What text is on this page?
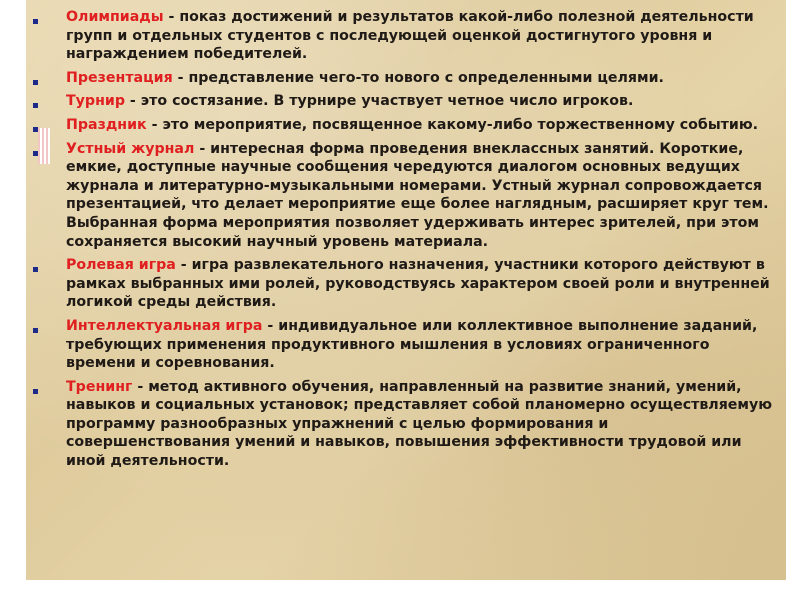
Олимпиады - показ достижений и результатов какой-либо полезной деятельности групп и отдельных студентов с последующей оценкой достигнутого уровня и награждением победителей.
Презентация - представление чего-то нового с определенными целями.
Турнир - это состязание. В турнире участвует четное число игроков.
Праздник - это мероприятие, посвященное какому-либо торжественному событию.
Устный журнал - интересная форма проведения внеклассных занятий. Короткие, емкие, доступные научные сообщения чередуются диалогом основных ведущих журнала и литературно-музыкальными номерами. Устный журнал сопровождается презентацией, что делает мероприятие еще более наглядным, расширяет круг тем. Выбранная форма мероприятия позволяет удерживать интерес зрителей, при этом сохраняется высокий научный уровень материала.
Ролевая игра - игра развлекательного назначения, участники которого действуют в рамках выбранных ими ролей, руководствуясь характером своей роли и внутренней логикой среды действия.
Интеллектуальная игра - индивидуальное или коллективное выполнение заданий, требующих применения продуктивного мышления в условиях ограниченного времени и соревнования.
Тренинг - метод активного обучения, направленный на развитие знаний, умений, навыков и социальных установок; представляет собой планомерно осуществляемую программу разнообразных упражнений с целью формирования и совершенствования умений и навыков, повышения эффективности трудовой или иной деятельности.
